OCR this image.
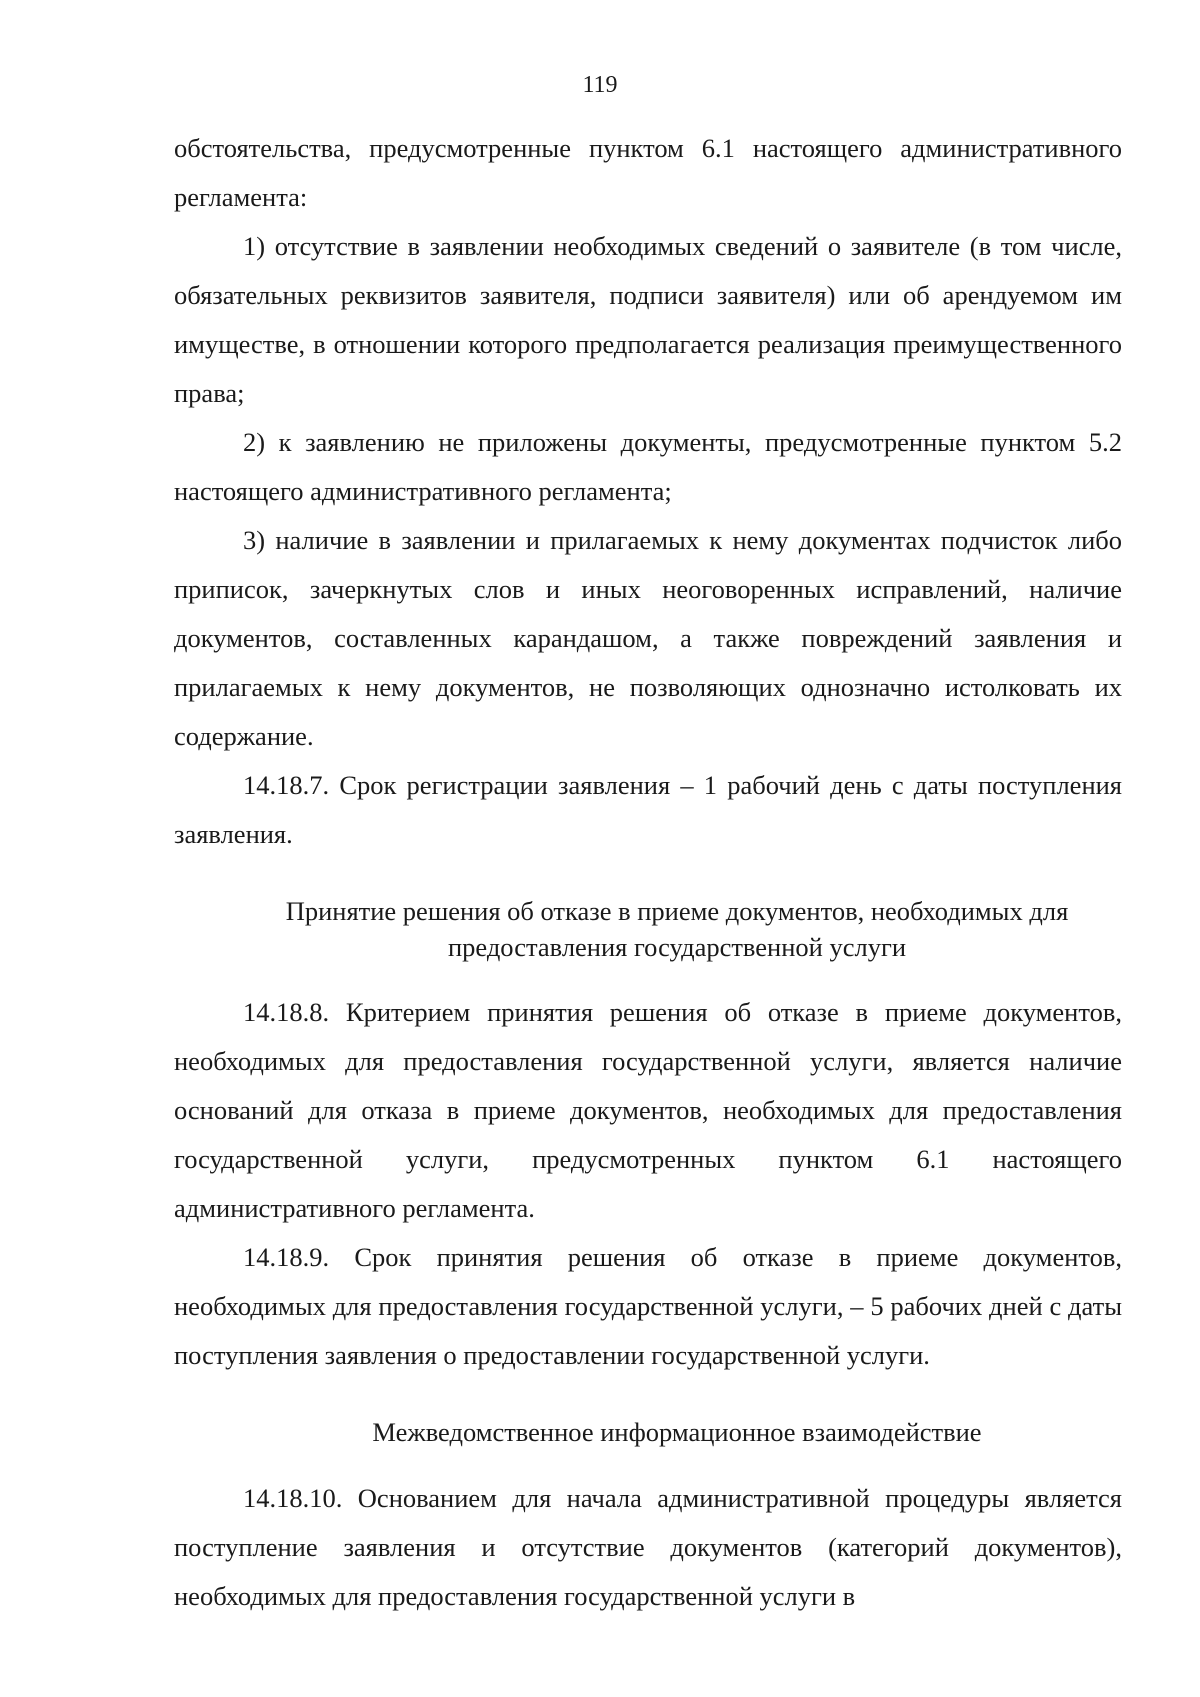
119

обстоятельства, предусмотренные пунктом 6.1 настоящего административного регламента:

1) отсутствие в заявлении необходимых сведений о заявителе (в том числе, обязательных реквизитов заявителя, подписи заявителя) или об арендуемом им имуществе, в отношении которого предполагается реализация преимущественного права;

2) к заявлению не приложены документы, предусмотренные пунктом 5.2 настоящего административного регламента;

3) наличие в заявлении и прилагаемых к нему документах подчисток либо приписок, зачеркнутых слов и иных неоговоренных исправлений, наличие документов, составленных карандашом, а также повреждений заявления и прилагаемых к нему документов, не позволяющих однозначно истолковать их содержание.

14.18.7. Срок регистрации заявления – 1 рабочий день с даты поступления заявления.

Принятие решения об отказе в приеме документов, необходимых для
предоставления государственной услуги

14.18.8. Критерием принятия решения об отказе в приеме документов, необходимых для предоставления государственной услуги, является наличие оснований для отказа в приеме документов, необходимых для предоставления государственной услуги, предусмотренных пунктом 6.1 настоящего административного регламента.

14.18.9. Срок принятия решения об отказе в приеме документов, необходимых для предоставления государственной услуги, – 5 рабочих дней с даты поступления заявления о предоставлении государственной услуги.

Межведомственное информационное взаимодействие

14.18.10. Основанием для начала административной процедуры является поступление заявления и отсутствие документов (категорий документов), необходимых для предоставления государственной услуги в
